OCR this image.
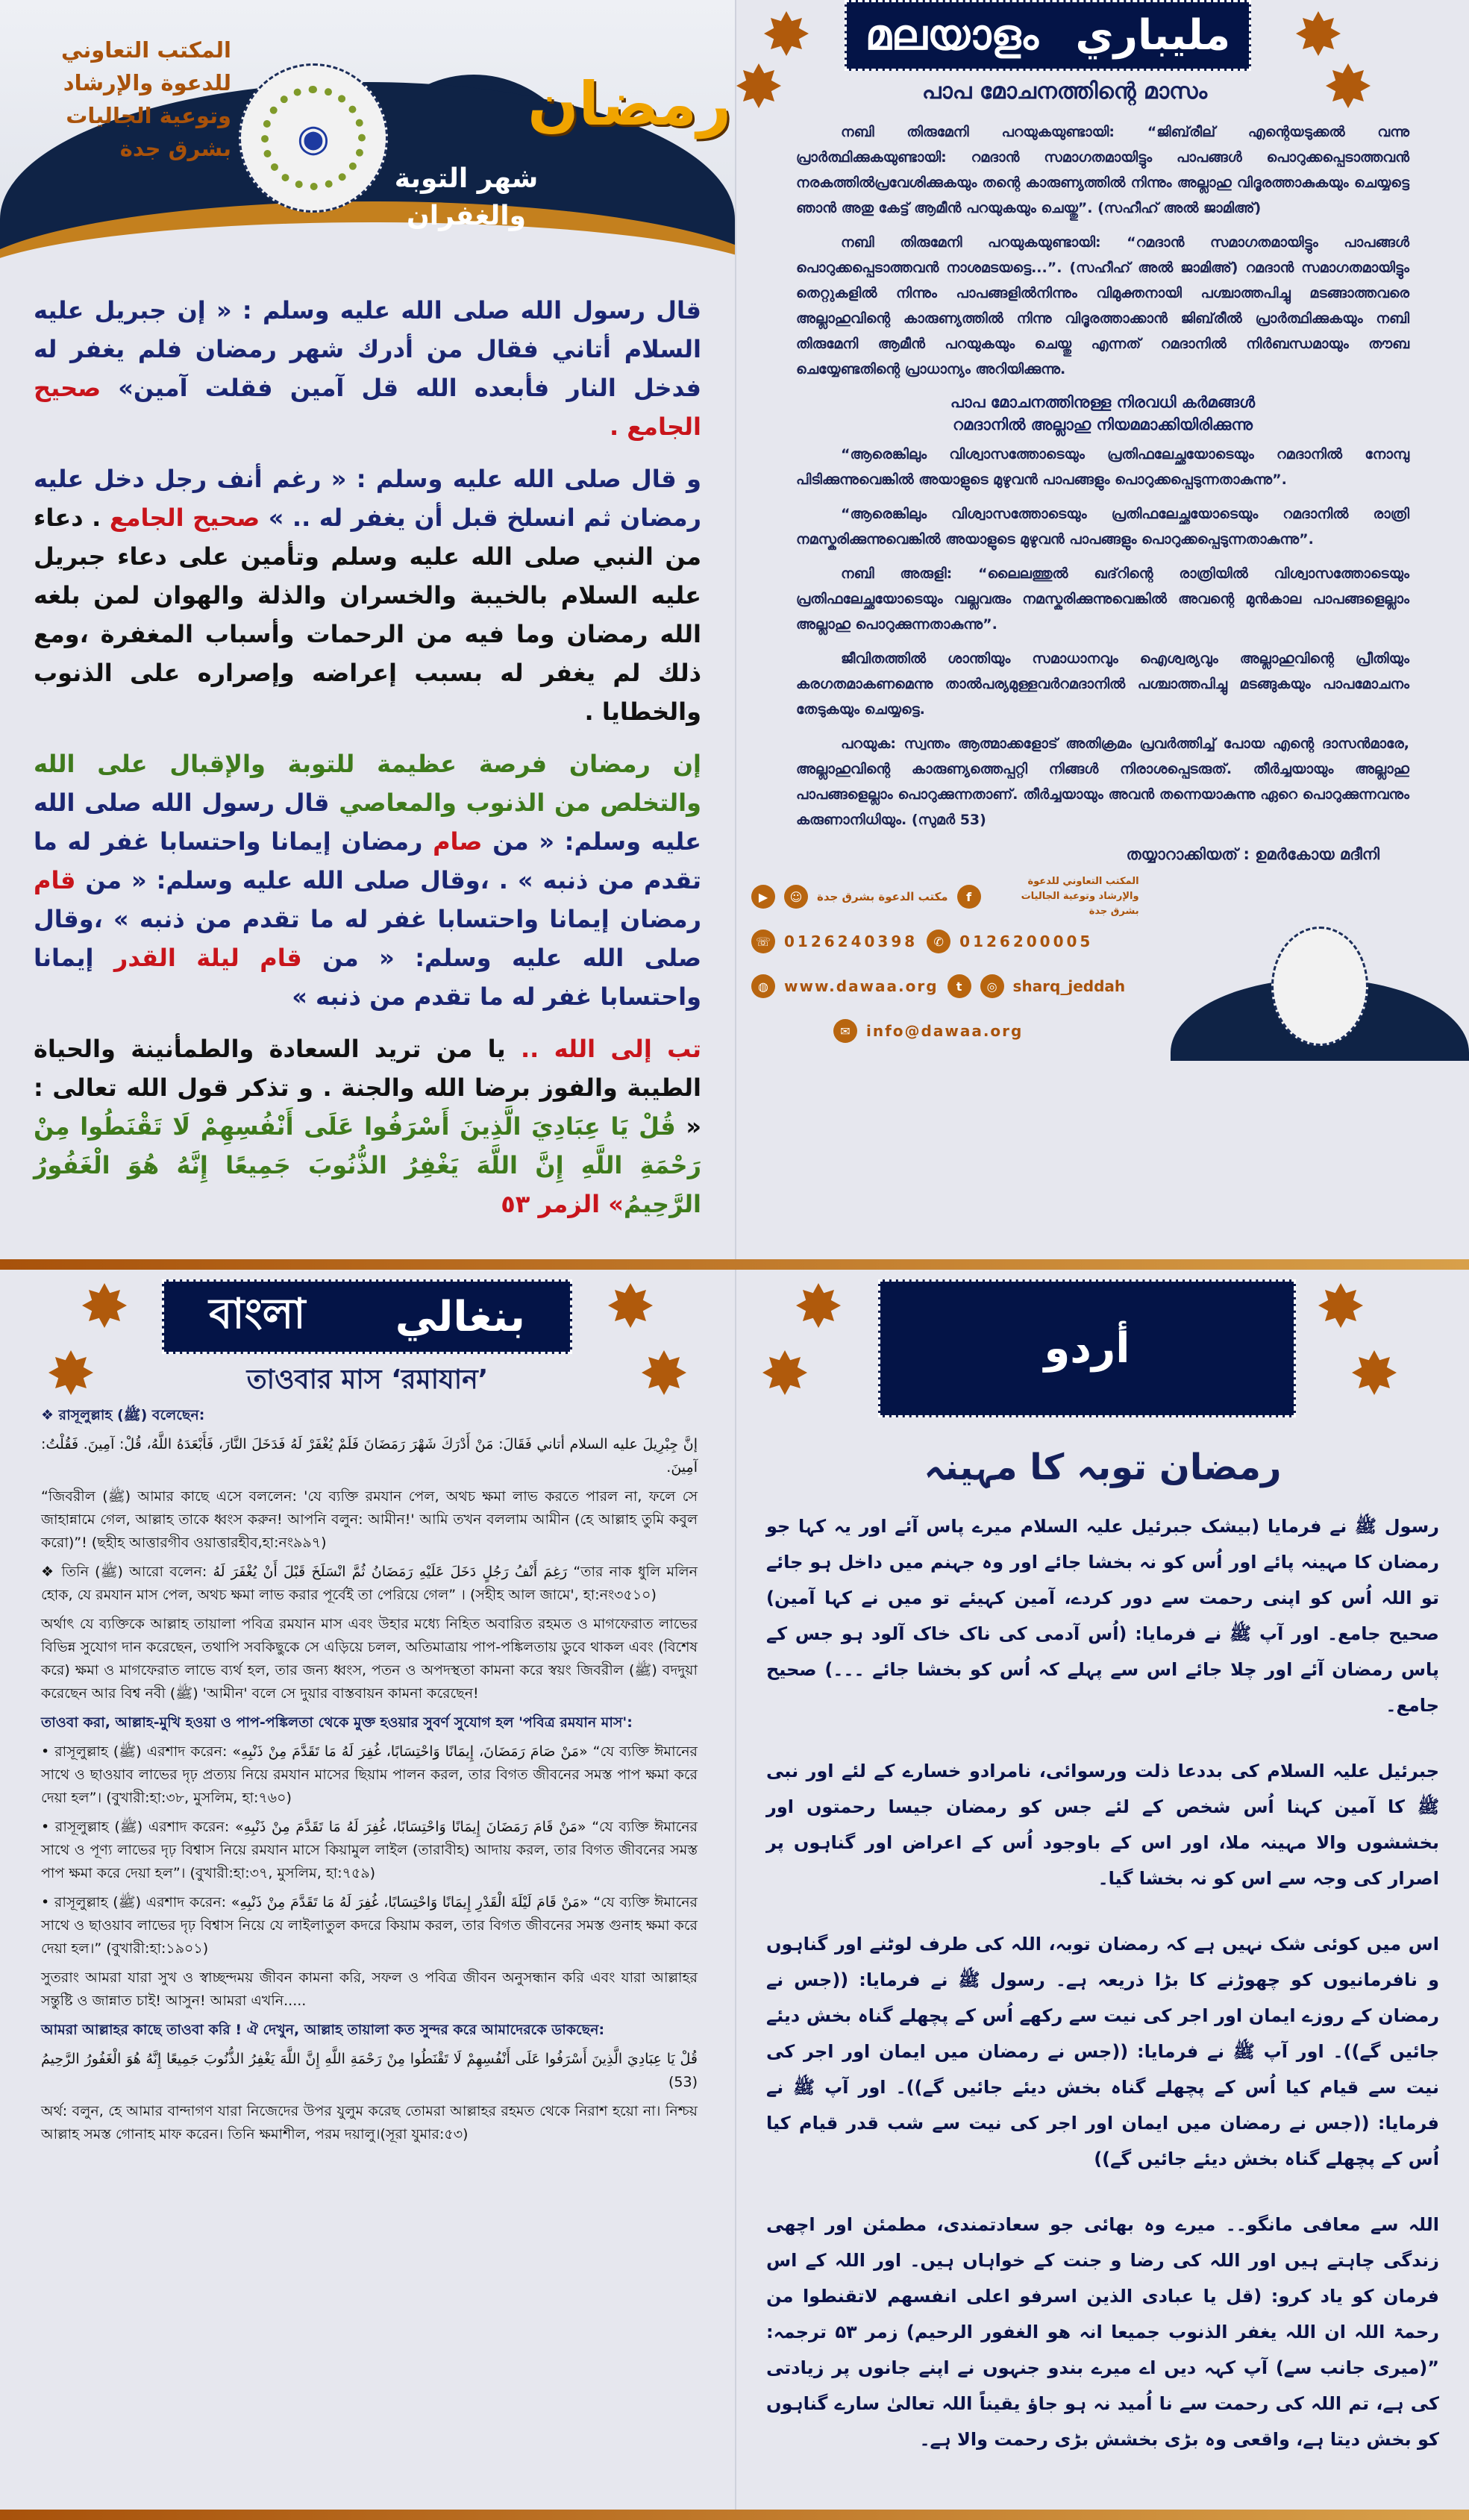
المكتب التعاوني
للدعوة والإرشاد
وتوعية الجاليات
بشرق جدة	◉
شهر التوبة
والغفران
رمضان

قال رسول الله صلى الله عليه وسلم : « إن جبريل عليه السلام أتاني فقال من أدرك شهر رمضان فلم يغفر له فدخل النار فأبعده الله قل آمين فقلت آمين» صحيح الجامع .

و قال صلى الله عليه وسلم : « رغم أنف رجل دخل عليه رمضان ثم انسلخ قبل أن يغفر له .. » صحيح الجامع . دعاء من النبي صلى الله عليه وسلم وتأمين على دعاء جبريل عليه السلام بالخيبة والخسران والذلة والهوان لمن بلغه الله رمضان وما فيه من الرحمات وأسباب المغفرة ،ومع ذلك لم يغفر له بسبب إعراضه وإصراره على الذنوب والخطايا .

إن رمضان فرصة عظيمة للتوبة والإقبال على الله والتخلص من الذنوب والمعاصي قال رسول الله صلى الله عليه وسلم: « من صام رمضان إيمانا واحتسابا غفر له ما تقدم من ذنبه » . ،وقال صلى الله عليه وسلم: « من قام رمضان إيمانا واحتسابا غفر له ما تقدم من ذنبه » ،وقال صلى الله عليه وسلم: « من قام ليلة القدر إيمانا واحتسابا غفر له ما تقدم من ذنبه »

تب إلى الله .. يا من تريد السعادة والطمأنينة والحياة الطيبة والفوز برضا الله والجنة . و تذكر قول الله تعالى : « قُلْ يَا عِبَادِيَ الَّذِينَ أَسْرَفُوا عَلَى أَنْفُسِهِمْ لَا تَقْنَطُوا مِنْ رَحْمَةِ اللَّهِ إِنَّ اللَّهَ يَغْفِرُ الذُّنُوبَ جَمِيعًا إِنَّهُ هُوَ الْغَفُورُ الرَّحِيمُ» الزمر ٥٣

മലയാളം مليباري
പാപ മോചനത്തിന്റെ മാസം

നബി തിരുമേനി പറയുകയുണ്ടായി: “ജിബ്‌രീല് എന്റെയടുക്കൽ വന്നു പ്രാർത്ഥിക്കുകയുണ്ടായി: റമദാൻ സമാഗതമായിട്ടും പാപങ്ങൾ പൊറുക്കപ്പെടാത്തവൻ നരകത്തിൽപ്രവേശിക്കുകയും തന്റെ കാരുണ്യത്തിൽ നിന്നും അല്ലാഹു വിദൂരത്താകുകയും ചെയ്യട്ടെ ഞാൻ അതു കേട്ട് ആമീൻ പറയുകയും ചെയ്തു”. (സഹീഹ് അൽ ജാമിഅ്)

നബി തിരുമേനി പറയുകയുണ്ടായി: “റമദാൻ സമാഗതമായിട്ടും പാപങ്ങൾ പൊറുക്കപ്പെടാത്തവൻ നാശമടയട്ടെ...”. (സഹീഹ് അൽ ജാമിഅ്) റമദാൻ സമാഗതമായിട്ടും തെറ്റുകളിൽ നിന്നും പാപങ്ങളിൽനിന്നും വിമുക്തനായി പശ്ചാത്തപിച്ചു മടങ്ങാത്തവരെ അല്ലാഹുവിന്റെ കാരുണ്യത്തിൽ നിന്നു വിദൂരത്താക്കാൻ ജിബ്‌രീൽ പ്രാർത്ഥിക്കുകയും നബി തിരുമേനി ആമീൻ പറയുകയും ചെയ്തു എന്നത് റമദാനിൽ നിർബന്ധമായും തൗബ ചെയ്യേണ്ടതിന്റെ പ്രാധാന്യം അറിയിക്കുന്നു.

പാപ മോചനത്തിനുള്ള നിരവധി കർമങ്ങൾ
റമദാനിൽ അല്ലാഹു നിയമമാക്കിയിരിക്കുന്നു

“ആരെങ്കിലും വിശ്വാസത്തോടെയും പ്രതിഫലേച്ഛയോടെയും റമദാനിൽ നോമ്പു പിടിക്കുന്നുവെങ്കിൽ അയാളുടെ മുഴുവൻ പാപങ്ങളും പൊറുക്കപ്പെടുന്നതാകുന്നു”.

“ആരെങ്കിലും വിശ്വാസത്തോടെയും പ്രതിഫലേച്ഛയോടെയും റമദാനിൽ രാത്രി നമസ്കരിക്കുന്നുവെങ്കിൽ അയാളുടെ മുഴുവൻ പാപങ്ങളും പൊറുക്കപ്പെടുന്നതാകുന്നു”.

നബി അരുളി: “ലൈലത്തുൽ ഖദ്‌റിന്റെ രാത്രിയിൽ വിശ്വാസത്തോടെയും പ്രതിഫലേച്ഛയോടെയും വല്ലവരും നമസ്കരിക്കുന്നുവെങ്കിൽ അവന്റെ മുൻകാല പാപങ്ങളെല്ലാം അല്ലാഹു പൊറുക്കുന്നതാകുന്നു”.

ജീവിതത്തിൽ ശാന്തിയും സമാധാനവും ഐശ്വര്യവും അല്ലാഹുവിന്റെ പ്രീതിയും കരഗതമാകണമെന്നു താൽപര്യമുള്ളവർറമദാനിൽ പശ്ചാത്തപിച്ചു മടങ്ങുകയും പാപമോചനം തേടുകയും ചെയ്യട്ടെ.

പറയുക: സ്വന്തം ആത്മാക്കളോട് അതിക്രമം പ്രവർത്തിച്ച് പോയ എന്റെ ദാസൻമാരേ, അല്ലാഹുവിന്റെ കാരുണ്യത്തെപ്പറ്റി നിങ്ങൾ നിരാശപ്പെടരുത്. തീർച്ചയായും അല്ലാഹു പാപങ്ങളെല്ലാം പൊറുക്കുന്നതാണ്. തീർച്ചയായും അവൻ തന്നെയാകുന്നു ഏറെ പൊറുക്കുന്നവനും കരുണാനിധിയും. (സുമർ 53)

തയ്യാറാക്കിയത് : ഉമർകോയ മദീനി
▶	☺	مكتب الدعوة بشرق جدة	f
المكتب التعاوني للدعوة والإرشاد وتوعية الجاليات بشرق جدة
☏ 0126240398	✆	0126200005
◍	www.dawaa.org	t	◎	sharq_jeddah
✉	info@dawaa.org
বাংলা بنغالي
তাওবার মাস ‘রমাযান’

❖ রাসূলুল্লাহ (ﷺ) বলেছেন:

إنَّ جِبْرِيلَ عليه السلام أتاني فَقَالَ: مَنْ أَدْرَكَ شَهْرَ رَمَضَانَ فَلَمْ يُغْفَرْ لَهُ فَدَخَلَ النَّارَ، فَأَبْعَدَهُ اللَّهُ، قُلْ: آمِينَ. فَقُلْتُ: آمِينَ.

“জিবরীল (ﷺ) আমার কাছে এসে বললেন: 'যে ব্যক্তি রমযান পেল, অথচ ক্ষমা লাভ করতে পারল না, ফলে সে জাহান্নামে গেল, আল্লাহ তাকে ধ্বংস করুন! আপনি বলুন: আমীন!' আমি তখন বললাম আমীন (হে আল্লাহ তুমি কবুল করো)”! (ছহীহ আত্তারগীব ওয়াত্তারহীব,হা:নং৯৯৭)

❖ তিনি (ﷺ) আরো বলেন: رَغِمَ أَنْفُ رَجُلٍ دَخَلَ عَلَيْهِ رَمَضَانُ ثُمَّ انْسَلَخَ قَبْلَ أَنْ يُغْفَرَ لَهُ “তার নাক ধুলি মলিন হোক, যে রমযান মাস পেল, অথচ ক্ষমা লাভ করার পূর্বেই তা পেরিয়ে গেল” । (সহীহ আল জামে', হা:নং৩৫১০)

অর্থাৎ যে ব্যক্তিকে আল্লাহ তায়ালা পবিত্র রমযান মাস এবং উহার মধ্যে নিহিত অবারিত রহমত ও মাগফেরাত লাভের বিভিন্ন সুযোগ দান করেছেন, তথাপি সবকিছুকে সে এড়িয়ে চলল, অতিমাত্রায় পাপ-পঙ্কিলতায় ডুবে থাকল এবং (বিশেষ করে) ক্ষমা ও মাগফেরাত লাভে ব্যর্থ হল, তার জন্য ধ্বংস, পতন ও অপদস্থতা কামনা করে স্বয়ং জিবরীল (ﷺ) বদদুয়া করেছেন আর বিশ্ব নবী (ﷺ) 'আমীন' বলে সে দুয়ার বাস্তবায়ন কামনা করেছেন!

তাওবা করা, আল্লাহ-মুখি হওয়া ও পাপ-পঙ্কিলতা থেকে মুক্ত হওয়ার সুবর্ণ সুযোগ হল 'পবিত্র রমযান মাস':

• রাসূলুল্লাহ (ﷺ) এরশাদ করেন: «مَنْ صَامَ رَمَضَانَ، إِيمَانًا وَاحْتِسَابًا، غُفِرَ لَهُ مَا تَقَدَّمَ مِنْ ذَنْبِهِ» “যে ব্যক্তি ঈমানের সাথে ও ছাওয়াব লাভের দৃঢ় প্রত্যয় নিয়ে রমযান মাসের ছিয়াম পালন করল, তার বিগত জীবনের সমস্ত পাপ ক্ষমা করে দেয়া হল”। (বুখারী:হা:৩৮, মুসলিম, হা:৭৬০)

• রাসূলুল্লাহ (ﷺ) এরশাদ করেন: «مَنْ قَامَ رَمَضَانَ إِيمَانًا وَاحْتِسَابًا، غُفِرَ لَهُ مَا تَقَدَّمَ مِنْ ذَنْبِهِ» “যে ব্যক্তি ঈমানের সাথে ও পূণ্য লাভের দৃঢ় বিশ্বাস নিয়ে রমযান মাসে কিয়ামুল লাইল (তারাবীহ) আদায় করল, তার বিগত জীবনের সমস্ত পাপ ক্ষমা করে দেয়া হল”। (বুখারী:হা:৩৭, মুসলিম, হা:৭৫৯)

• রাসূলুল্লাহ (ﷺ) এরশাদ করেন: «مَنْ قَامَ لَيْلَةَ الْقَدْرِ إِيمَانًا وَاحْتِسَابًا، غُفِرَ لَهُ مَا تَقَدَّمَ مِنْ ذَنْبِهِ» “যে ব্যক্তি ঈমানের সাথে ও ছাওয়াব লাভের দৃঢ় বিশ্বাস নিয়ে যে লাইলাতুল কদরে কিয়াম করল, তার বিগত জীবনের সমস্ত গুনাহ ক্ষমা করে দেয়া হল।” (বুখারী:হা:১৯০১)

সুতরাং আমরা যারা সুখ ও স্বাচ্ছন্দময় জীবন কামনা করি, সফল ও পবিত্র জীবন অনুসন্ধান করি এবং যারা আল্লাহর সন্তুষ্টি ও জান্নাত চাই! আসুন! আমরা এখনি.....

আমরা আল্লাহর কাছে তাওবা করি ! ঐ দেখুন, আল্লাহ তায়ালা কত সুন্দর করে আমাদেরকে ডাকছেন:

قُلْ يَا عِبَادِيَ الَّذِينَ أَسْرَفُوا عَلَى أَنْفُسِهِمْ لَا تَقْنَطُوا مِنْ رَحْمَةِ اللَّهِ إِنَّ اللَّهَ يَغْفِرُ الذُّنُوبَ جَمِيعًا إِنَّهُ هُوَ الْغَفُورُ الرَّحِيمُ (53)

অর্থ: বলুন, হে আমার বান্দাগণ যারা নিজেদের উপর যুলুম করেছ তোমরা আল্লাহর রহমত থেকে নিরাশ হয়ো না। নিশ্চয় আল্লাহ সমস্ত গোনাহ মাফ করেন। তিনি ক্ষমাশীল, পরম দয়ালু।(সূরা যুমার:৫৩)

أردو
رمضان توبہ کا مہینہ

رسول ﷺ نے فرمایا (بیشک جبرئیل علیہ السلام میرے پاس آئے اور یہ کہا جو رمضان کا مہینہ پائے اور اُس کو نہ بخشا جائے اور وہ جہنم میں داخل ہو جائے تو اللہ اُس کو اپنی رحمت سے دور کردے، آمین کہیئے تو میں نے کہا آمین) صحیح جامع۔ اور آپ ﷺ نے فرمایا: (اُس آدمی کی ناک خاک آلود ہو جس کے پاس رمضان آئے اور چلا جائے اس سے پہلے کہ اُس کو بخشا جائے ۔۔۔) صحیح جامع۔

جبرئیل علیہ السلام کی بددعا ذلت ورسوائی، نامرادو خسارے کے لئے اور نبی ﷺ کا آمین کہنا اُس شخص کے لئے جس کو رمضان جیسا رحمتوں اور بخششوں والا مہینہ ملا، اور اس کے باوجود اُس کے اعراض اور گناہوں پر اصرار کی وجہ سے اس کو نہ بخشا گیا۔

اس میں کوئی شک نہیں ہے کہ رمضان توبہ، اللہ کی طرف لوٹنے اور گناہوں و نافرمانیوں کو چھوڑنے کا بڑا ذریعہ ہے۔ رسول ﷺ نے فرمایا: ((جس نے رمضان کے روزے ایمان اور اجر کی نیت سے رکھے اُس کے پچھلے گناہ بخش دیئے جائیں گے))۔ اور آپ ﷺ نے فرمایا: ((جس نے رمضان میں ایمان اور اجر کی نیت سے قیام کیا اُس کے پچھلے گناہ بخش دیئے جائیں گے))۔ اور آپ ﷺ نے فرمایا: ((جس نے رمضان میں ایمان اور اجر کی نیت سے شب قدر قیام کیا اُس کے پچھلے گناہ بخش دیئے جائیں گے))

اللہ سے معافی مانگو۔۔ میرے وہ بھائی جو سعادتمندی، مطمئن اور اچھی زندگی چاہتے ہیں اور اللہ کی رضا و جنت کے خواہاں ہیں۔ اور اللہ کے اس فرمان کو یاد کرو: (قل یا عبادی الذین اسرفو اعلی انفسھم لاتقنطوا من رحمۃ اللہ ان اللہ یغفر الذنوب جمیعا انہ ھو الغفور الرحیم) زمر ۵۳ ترجمہ: ”(میری جانب سے) آپ کہہ دیں اے میرے بندو جنہوں نے اپنے جانوں پر زیادتی کی ہے، تم اللہ کی رحمت سے نا اُمید نہ ہو جاؤ یقیناً اللہ تعالیٰ سارے گناہوں کو بخش دیتا ہے، واقعی وہ بڑی بخشش بڑی رحمت والا ہے۔
